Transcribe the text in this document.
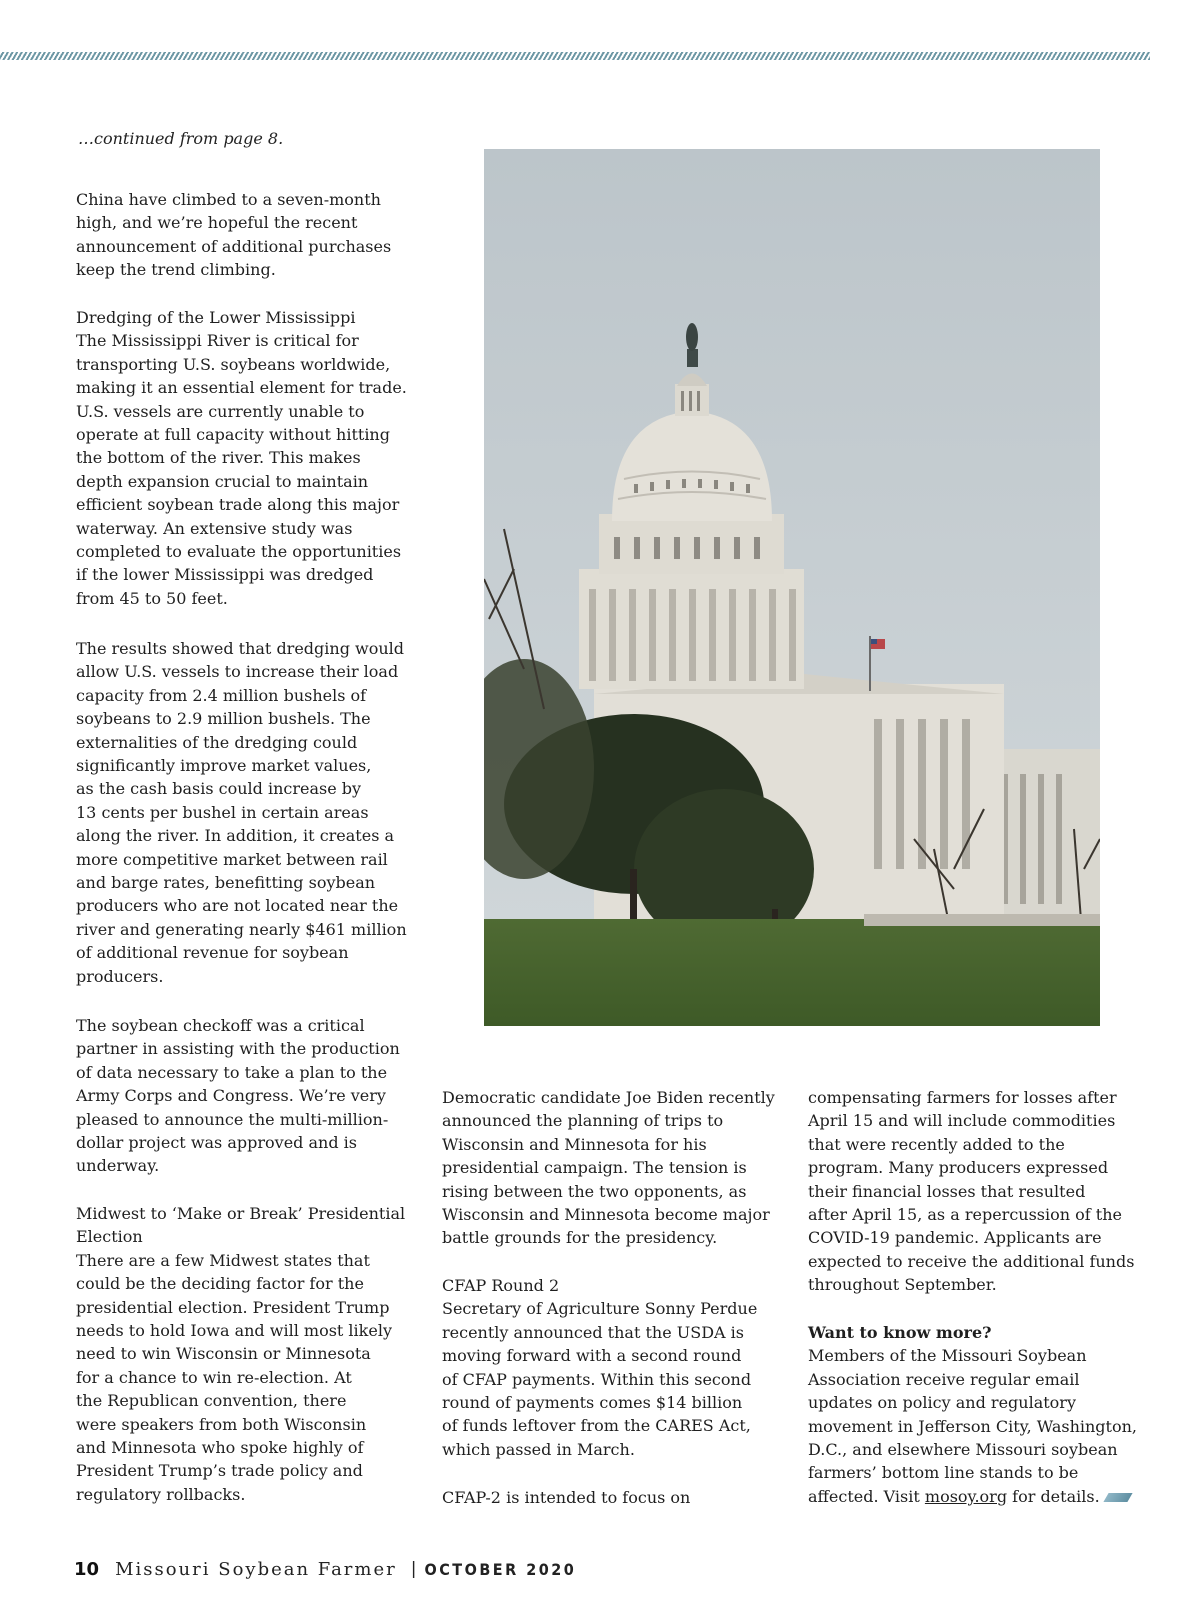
…continued from page 8.

China have climbed to a seven-month
high, and we’re hopeful the recent
announcement of additional purchases
keep the trend climbing.

Dredging of the Lower Mississippi
The Mississippi River is critical for
transporting U.S. soybeans worldwide,
making it an essential element for trade.
U.S. vessels are currently unable to
operate at full capacity without hitting
the bottom of the river. This makes
depth expansion crucial to maintain
efficient soybean trade along this major
waterway. An extensive study was
completed to evaluate the opportunities
if the lower Mississippi was dredged
from 45 to 50 feet.

The results showed that dredging would
allow U.S. vessels to increase their load
capacity from 2.4 million bushels of
soybeans to 2.9 million bushels. The
externalities of the dredging could
significantly improve market values,
as the cash basis could increase by
13 cents per bushel in certain areas
along the river. In addition, it creates a
more competitive market between rail
and barge rates, benefitting soybean
producers who are not located near the
river and generating nearly $461 million
of additional revenue for soybean
producers.

The soybean checkoff was a critical
partner in assisting with the production
of data necessary to take a plan to the
Army Corps and Congress. We’re very
pleased to announce the multi-million-
dollar project was approved and is
underway.

Midwest to ‘Make or Break’ Presidential
Election
There are a few Midwest states that
could be the deciding factor for the
presidential election. President Trump
needs to hold Iowa and will most likely
need to win Wisconsin or Minnesota
for a chance to win re-election. At
the Republican convention, there
were speakers from both Wisconsin
and Minnesota who spoke highly of
President Trump’s trade policy and
regulatory rollbacks.

Democratic candidate Joe Biden recently
announced the planning of trips to
Wisconsin and Minnesota for his
presidential campaign. The tension is
rising between the two opponents, as
Wisconsin and Minnesota become major
battle grounds for the presidency.

CFAP Round 2
Secretary of Agriculture Sonny Perdue
recently announced that the USDA is
moving forward with a second round
of CFAP payments. Within this second
round of payments comes $14 billion
of funds leftover from the CARES Act,
which passed in March.

CFAP-2 is intended to focus on

compensating farmers for losses after
April 15 and will include commodities
that were recently added to the
program. Many producers expressed
their financial losses that resulted
after April 15, as a repercussion of the
COVID-19 pandemic. Applicants are
expected to receive the additional funds
throughout September.

Want to know more?
Members of the Missouri Soybean
Association receive regular email
updates on policy and regulatory
movement in Jefferson City, Washington,
D.C., and elsewhere Missouri soybean
farmers’ bottom line stands to be
affected. Visit mosoy.org for details.

10 Missouri Soybean Farmer | OCTOBER 2020
